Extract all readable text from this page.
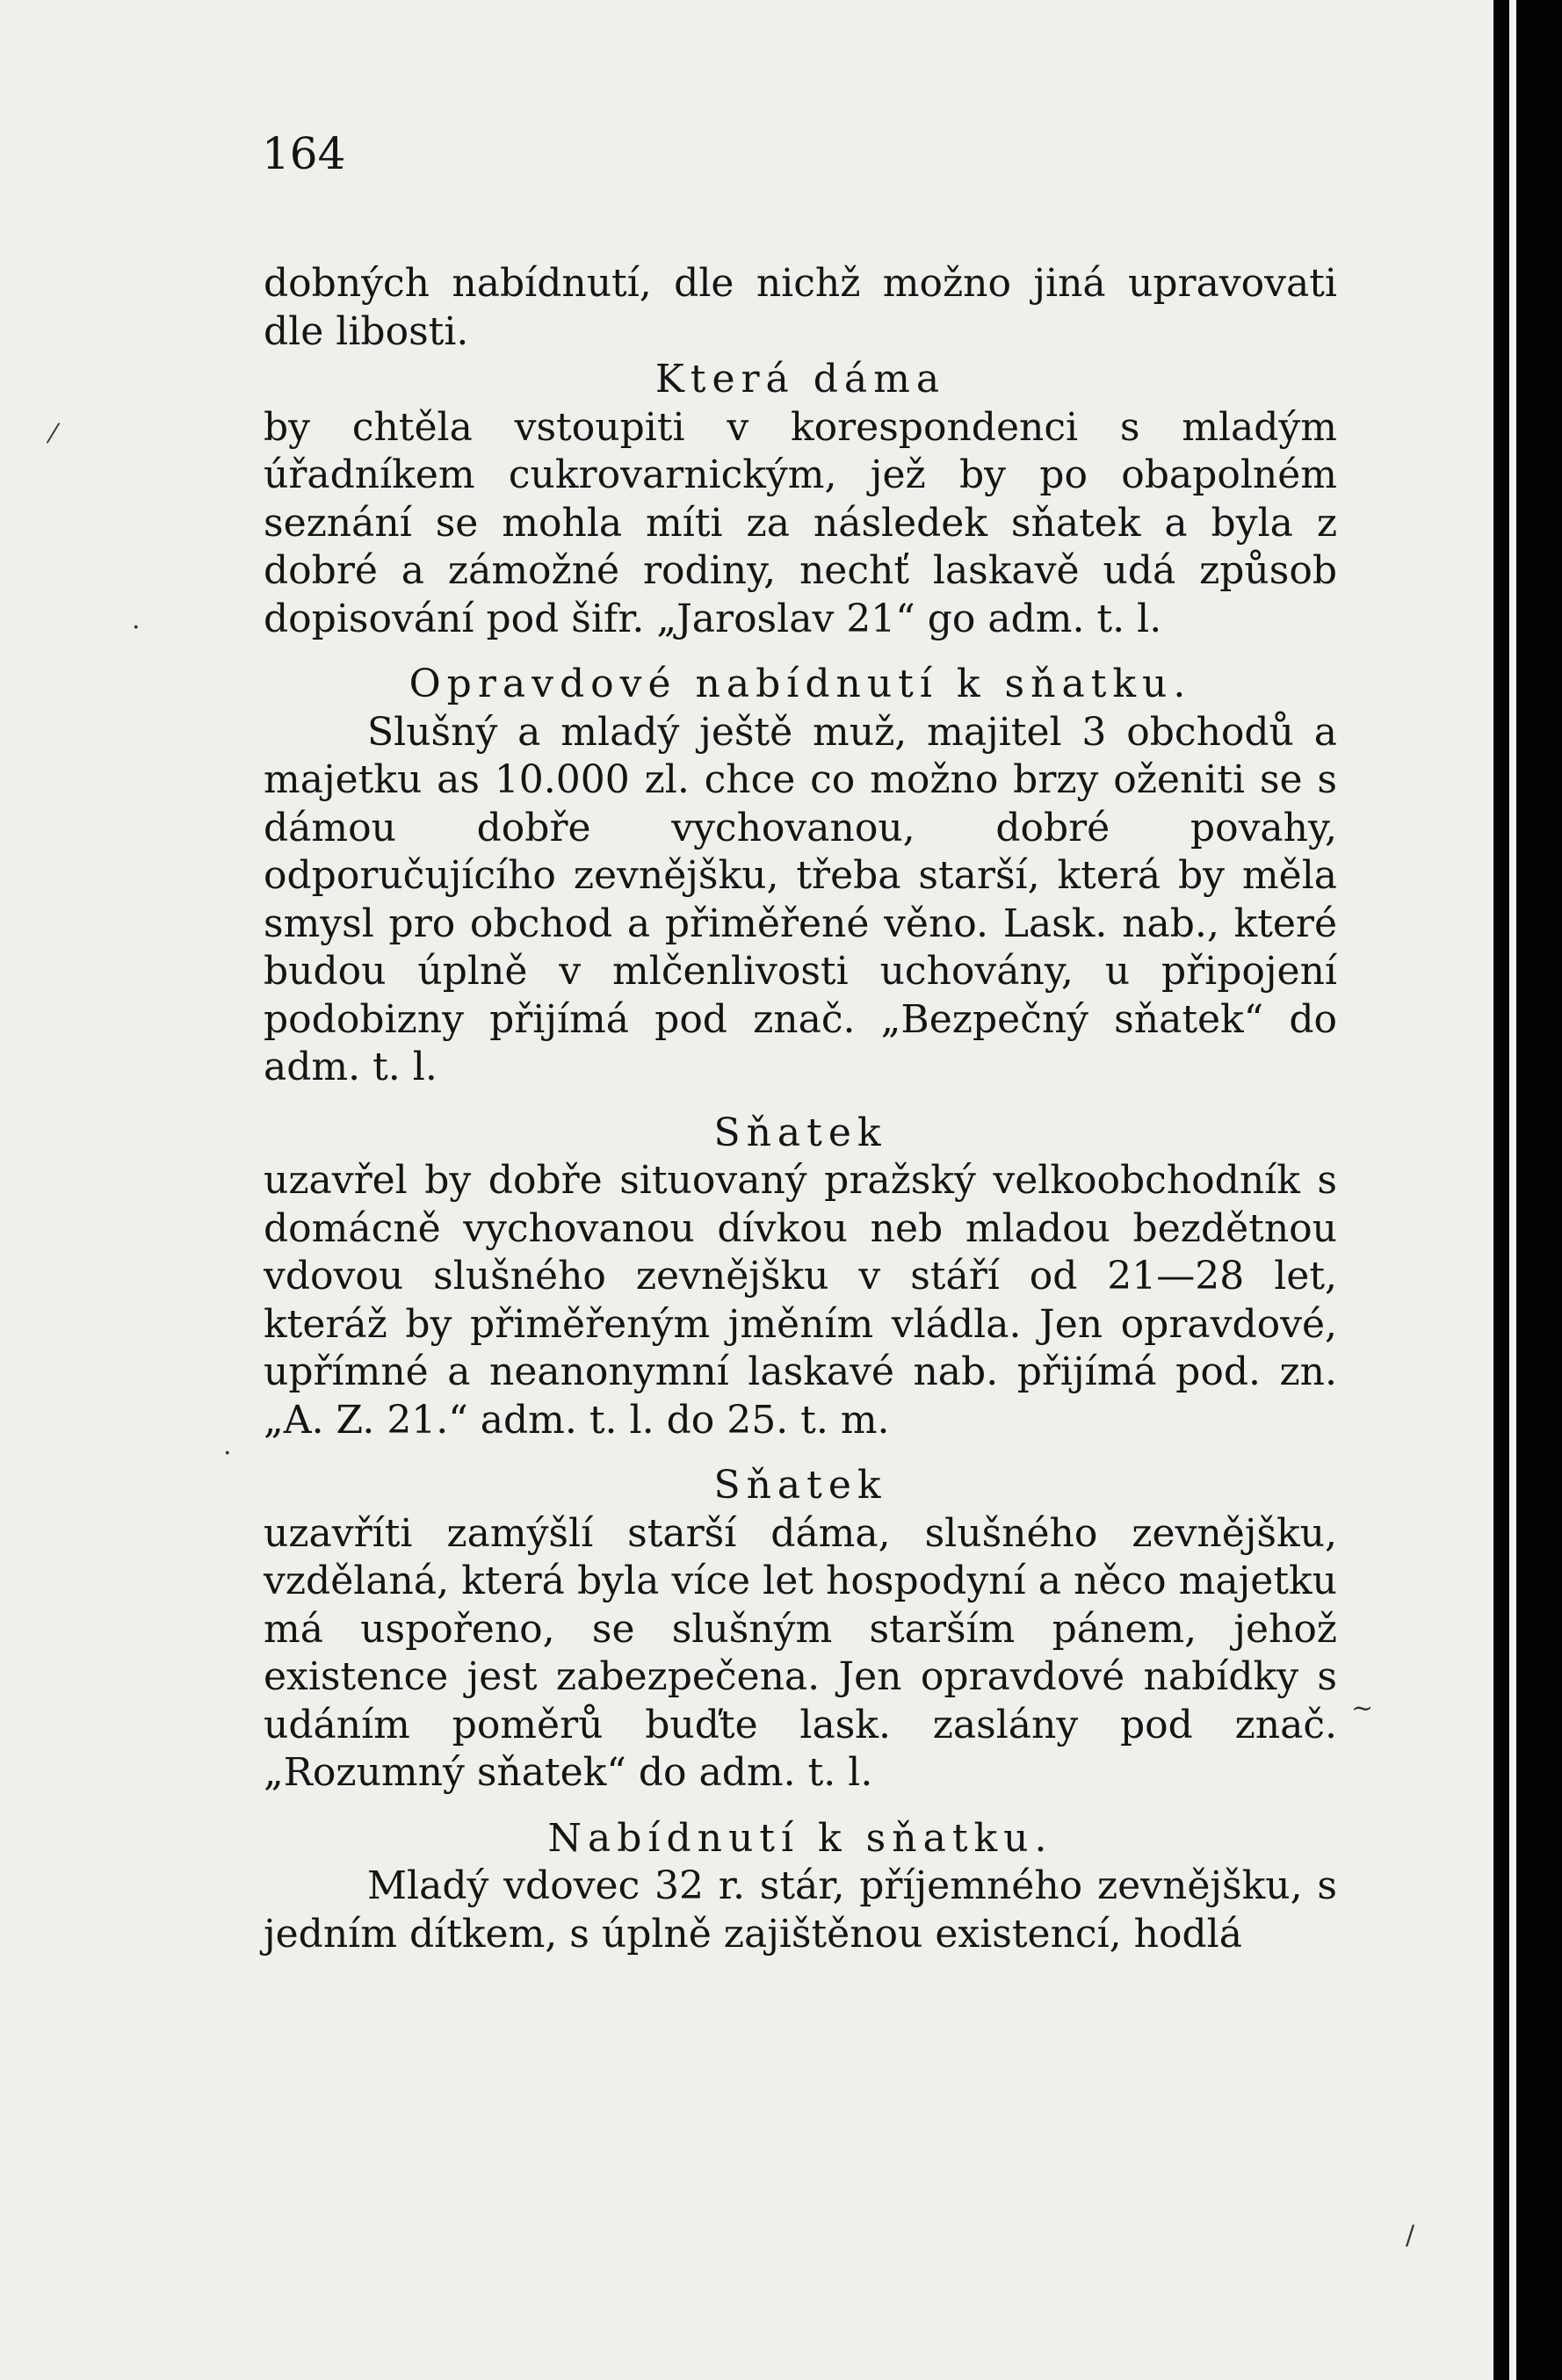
164

dobných nabídnutí, dle nichž možno jiná upravovati dle libosti.

Která dáma

by chtěla vstoupiti v korespondenci s mladým úřadníkem cukrovarnickým, jež by po obapolném seznání se mohla míti za následek sňatek a byla z dobré a zámožné rodiny, nechť laskavě udá způsob dopisování pod šifr. „Jaroslav 21“ go adm. t. l.

Opravdové nabídnutí k sňatku.

Slušný a mladý ještě muž, majitel 3 obchodů a majetku as 10.000 zl. chce co možno brzy oženiti se s dámou dobře vychovanou, dobré povahy, odporučujícího zevnějšku, třeba starší, která by měla smysl pro obchod a přiměřené věno. Lask. nab., které budou úplně v mlčenlivosti uchovány, u připojení podobizny přijímá pod znač. „Bezpečný sňatek“ do adm. t. l.

Sňatek

uzavřel by dobře situovaný pražský velkoobchodník s domácně vychovanou dívkou neb mladou bezdětnou vdovou slušného zevnějšku v stáří od 21—28 let, kteráž by přiměřeným jměním vládla. Jen opravdové, upřímné a neanonymní laskavé nab. přijímá pod. zn. „A. Z. 21.“ adm. t. l. do 25. t. m.

Sňatek

uzavříti zamýšlí starší dáma, slušného zevnějšku, vzdělaná, která byla více let hospodyní a něco majetku má uspořeno, se slušným starším pánem, jehož existence jest zabezpečena. Jen opravdové nabídky s udáním poměrů buďte lask. zaslány pod znač. „Rozumný sňatek“ do adm. t. l.

Nabídnutí k sňatku.

Mladý vdovec 32 r. stár, příjemného zevnějšku, s jedním dítkem, s úplně zajištěnou existencí, hodlá

⁄
·
·
~
/
